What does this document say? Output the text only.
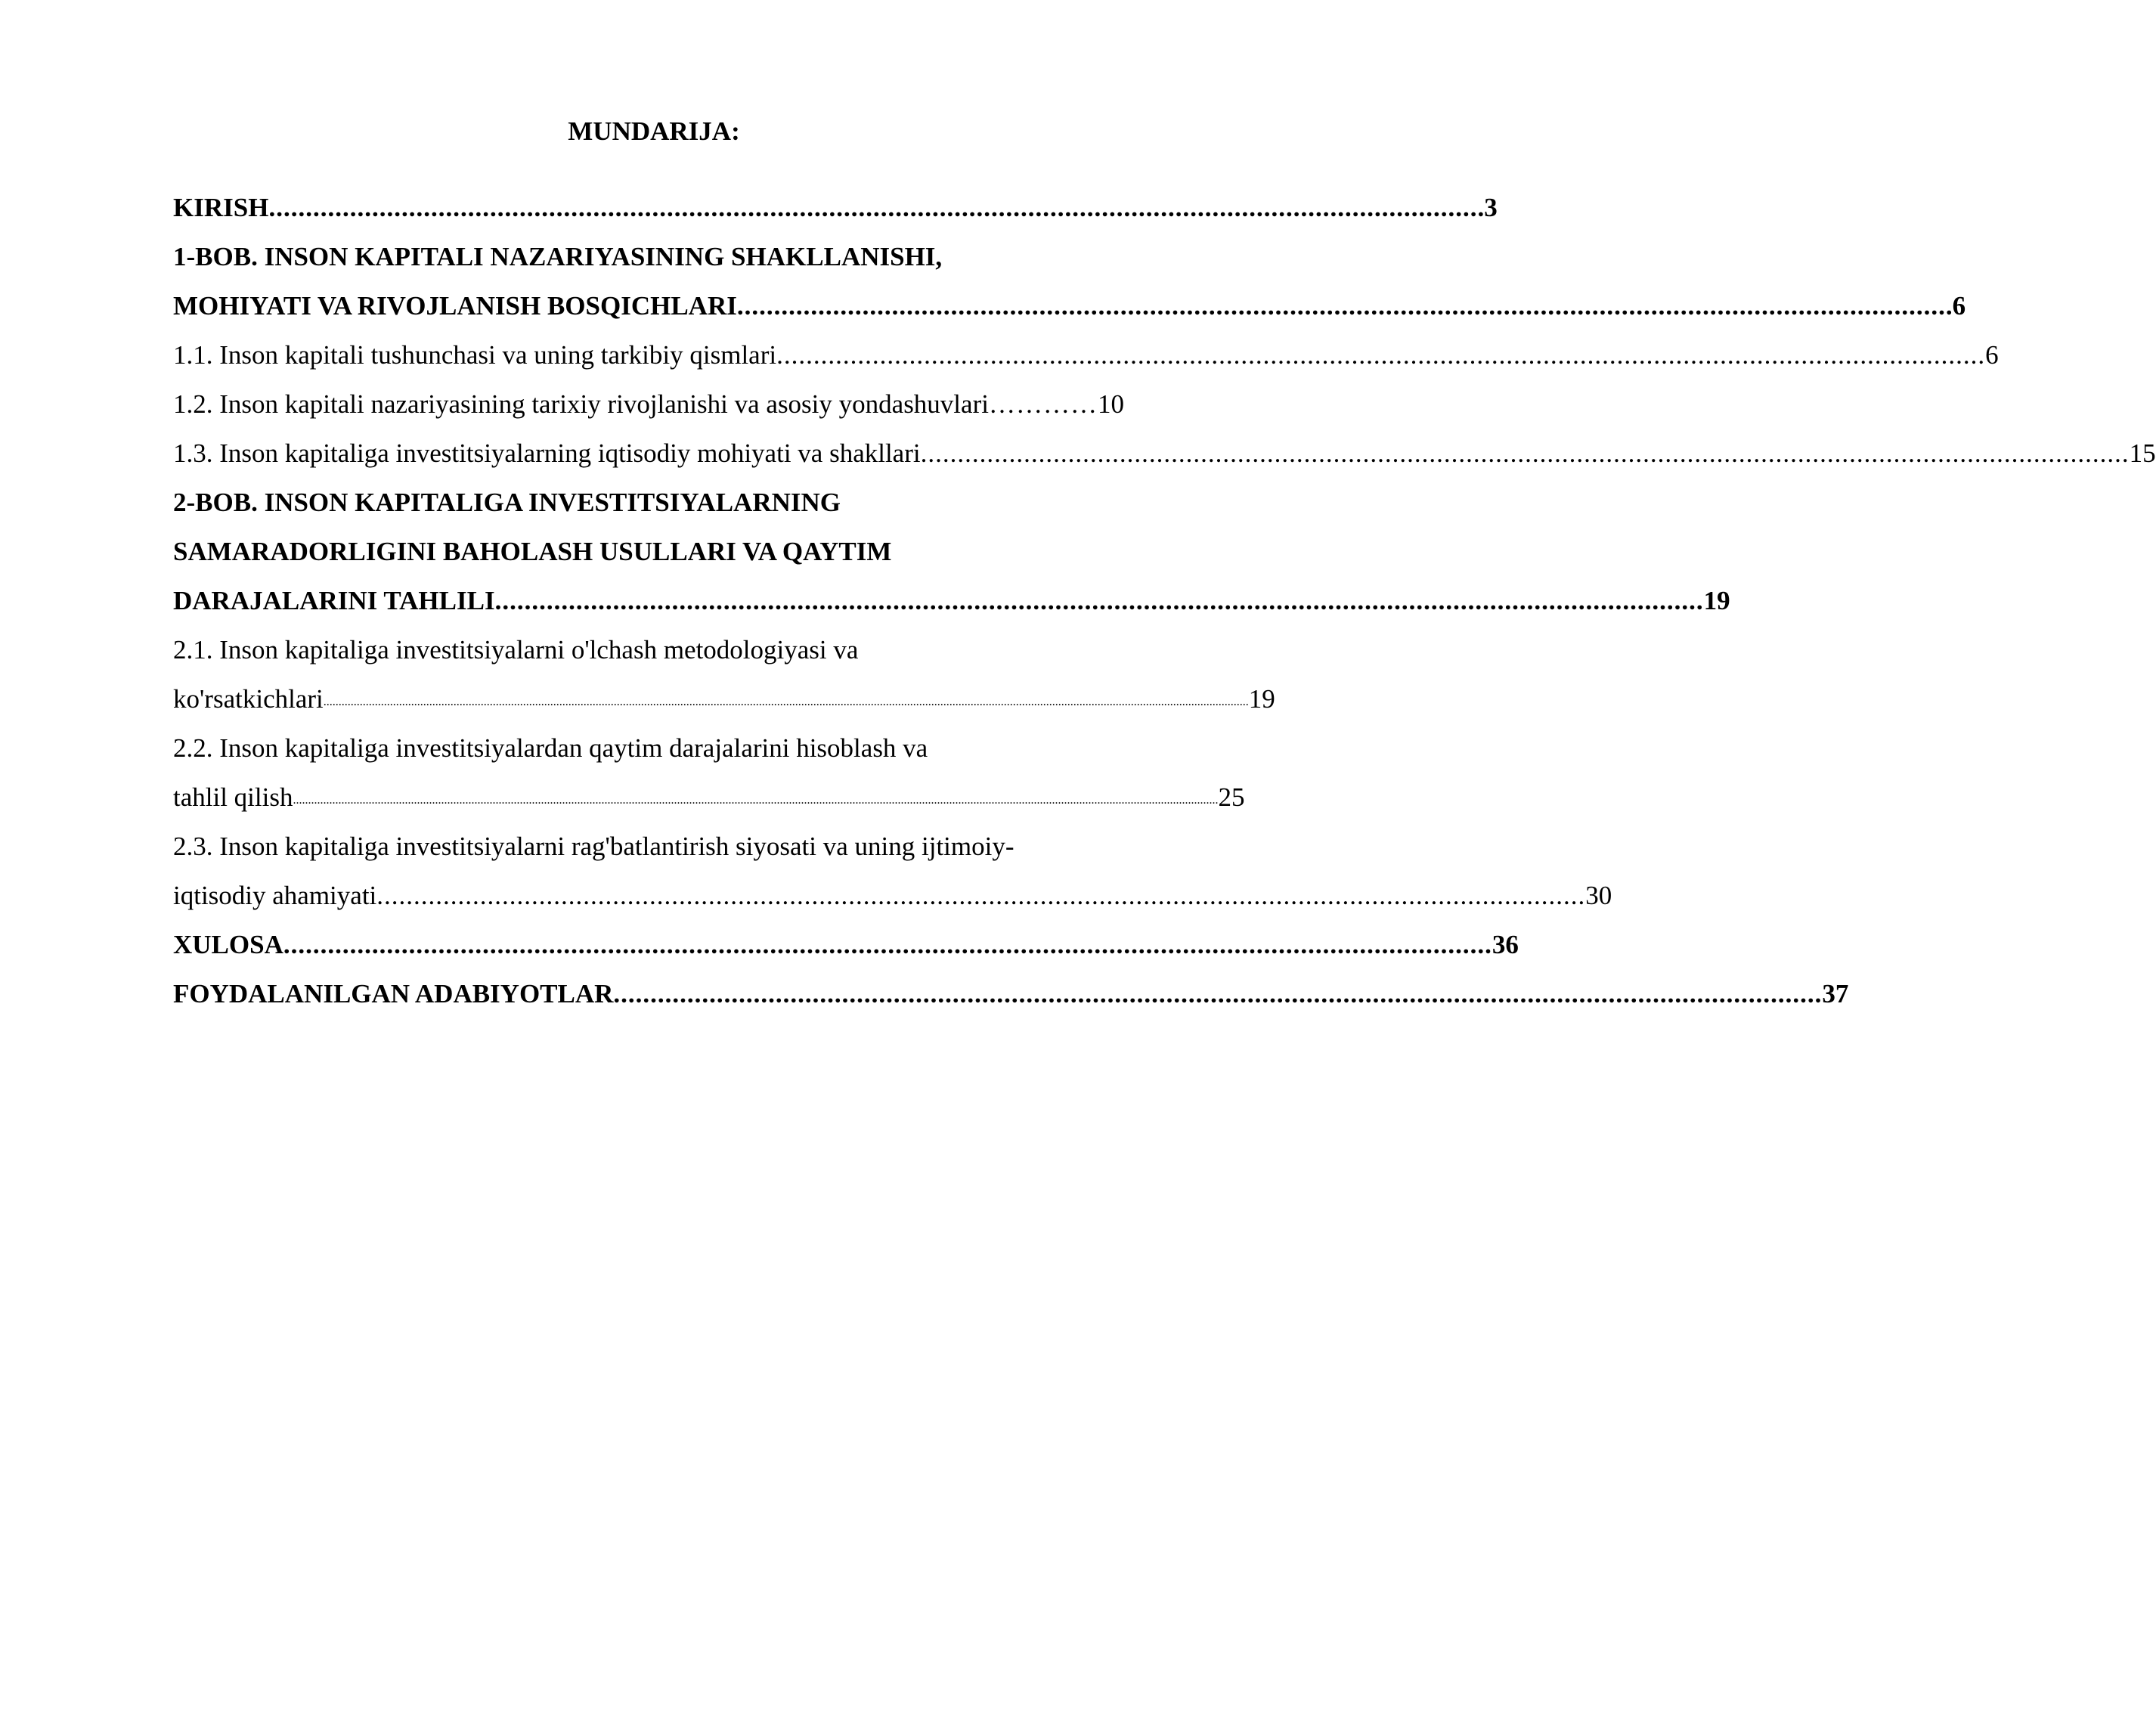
MUNDARIJA:
KIRISH .................................................................................................................................................................... .3
1-BOB. INSON KAPITALI NAZARIYASINING SHAKLLANISHI,
MOHIYATI VA RIVOJLANISH BOSQICHLARI .................................................................................................................................................................... .6
1.1. Inson kapitali tushunchasi va uning tarkibiy qismlari .................................................................................................................................................................... 6
1.2. Inson kapitali nazariyasining tarixiy rivojlanishi va asosiy yondashuvlari ………… 10
1.3. Inson kapitaliga investitsiyalarning iqtisodiy mohiyati va shakllari .................................................................................................................................................................... 15
2-BOB. INSON KAPITALIGA INVESTITSIYALARNING
SAMARADORLIGINI BAHOLASH USULLARI VA QAYTIM
DARAJALARINI TAHLILI .................................................................................................................................................................... 19
2.1. Inson kapitaliga investitsiyalarni o'lchash metodologiyasi va
ko'rsatkichlari .................................................................................................................................................................................................................................................................................................................. 19
2.2. Inson kapitaliga investitsiyalardan qaytim darajalarini hisoblash va
tahlil qilish .................................................................................................................................................................................................................................................................................................................. 25
2.3. Inson kapitaliga investitsiyalarni rag'batlantirish siyosati va uning ijtimoiy-
iqtisodiy ahamiyati .................................................................................................................................................................... 30
XULOSA .................................................................................................................................................................... 36
FOYDALANILGAN ADABIYOTLAR .................................................................................................................................................................... 37
